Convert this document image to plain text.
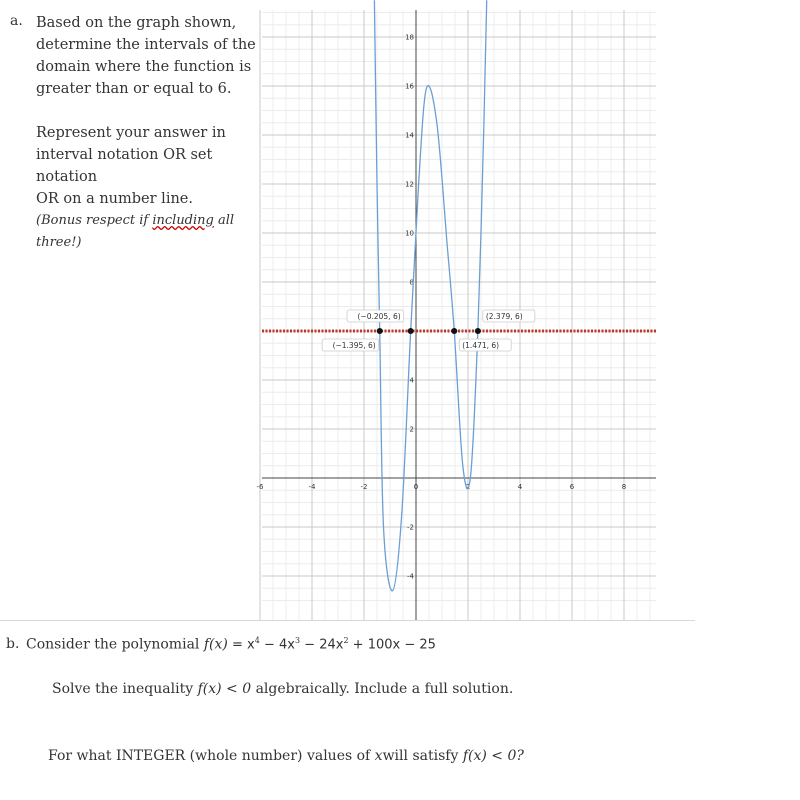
a. Based on the graph shown,

determine the intervals of the

domain where the function is

greater than or equal to 6.

Represent your answer in

interval notation OR set notation

OR on a number line.

(Bonus respect if including all three!)

-6	-4	-2	0	2	4	6	8
-4
-2
2
4
8
10
12
14
16
18
(−1.395, 6)
(−0.205, 6)
(1.471, 6)
(2.379, 6)
b. Consider the polynomial $f(x) = x^4 - 4x^3 - 24x^2 + 100x - 25$
Solve the inequality f(x) < 0 algebraically. Include a full solution.
For what INTEGER (whole number) values of xwill satisfy f(x) < 0?
